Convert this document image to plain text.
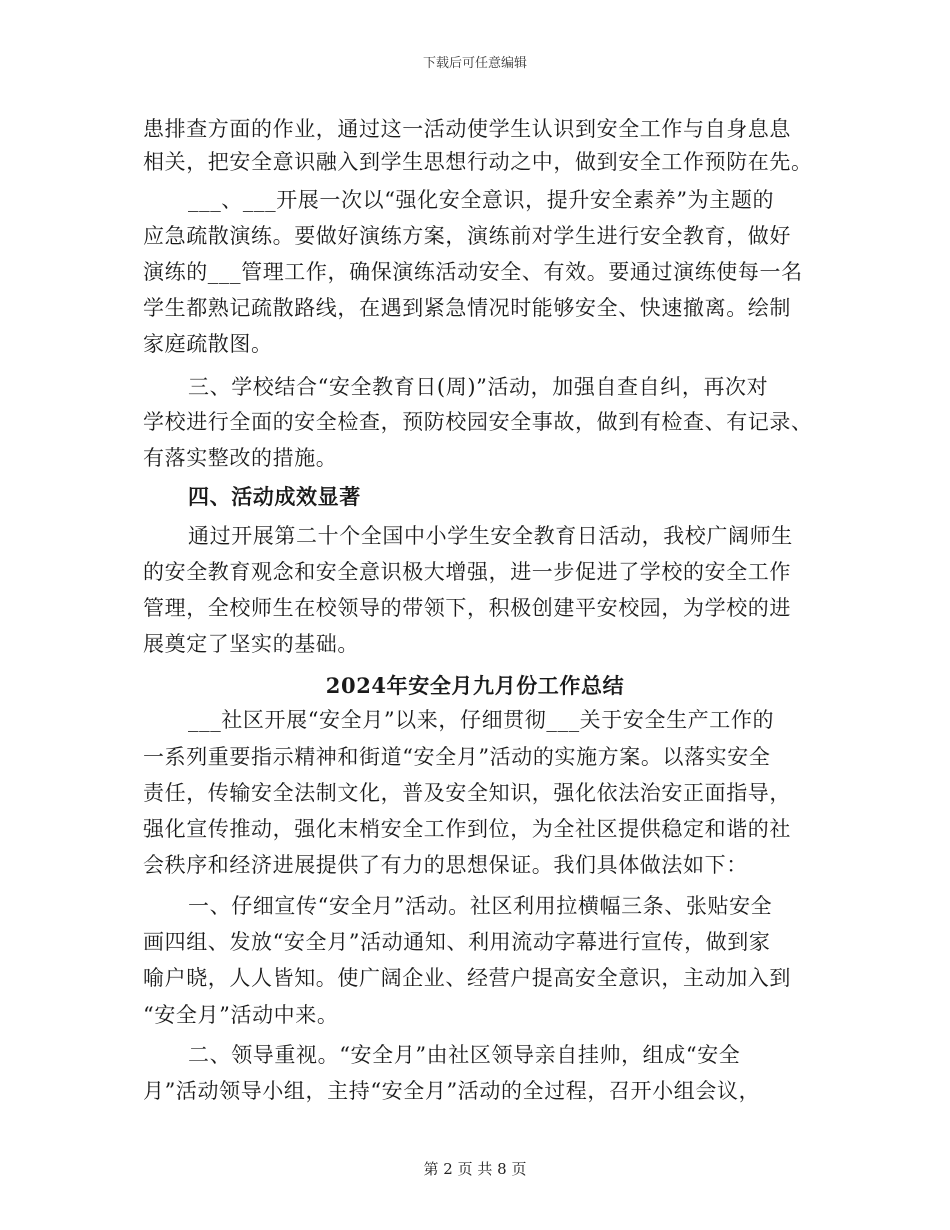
下载后可任意编辑
患排查方面的作业，通过这一活动使学生认识到安全工作与自身息息
相关，把安全意识融入到学生思想行动之中，做到安全工作预防在先。
___、___开展一次以“强化安全意识，提升安全素养”为主题的
应急疏散演练。要做好演练方案，演练前对学生进行安全教育，做好
演练的___管理工作，确保演练活动安全、有效。要通过演练使每一名
学生都熟记疏散路线，在遇到紧急情况时能够安全、快速撤离。绘制
家庭疏散图。
三、学校结合“安全教育日(周)”活动，加强自查自纠，再次对
学校进行全面的安全检查，预防校园安全事故，做到有检查、有记录、
有落实整改的措施。
四、活动成效显著
通过开展第二十个全国中小学生安全教育日活动，我校广阔师生
的安全教育观念和安全意识极大增强，进一步促进了学校的安全工作
管理，全校师生在校领导的带领下，积极创建平安校园，为学校的进
展奠定了坚实的基础。
2024年安全月九月份工作总结
___社区开展“安全月”以来，仔细贯彻___关于安全生产工作的
一系列重要指示精神和街道“安全月”活动的实施方案。以落实安全
责任，传输安全法制文化，普及安全知识，强化依法治安正面指导，
强化宣传推动，强化末梢安全工作到位，为全社区提供稳定和谐的社
会秩序和经济进展提供了有力的思想保证。我们具体做法如下：
一、仔细宣传“安全月”活动。社区利用拉横幅三条、张贴安全
画四组、发放“安全月”活动通知、利用流动字幕进行宣传，做到家
喻户晓，人人皆知。使广阔企业、经营户提高安全意识，主动加入到
“安全月”活动中来。
二、领导重视。“安全月”由社区领导亲自挂帅，组成“安全
月”活动领导小组，主持“安全月”活动的全过程，召开小组会议，
第 2 页 共 8 页
